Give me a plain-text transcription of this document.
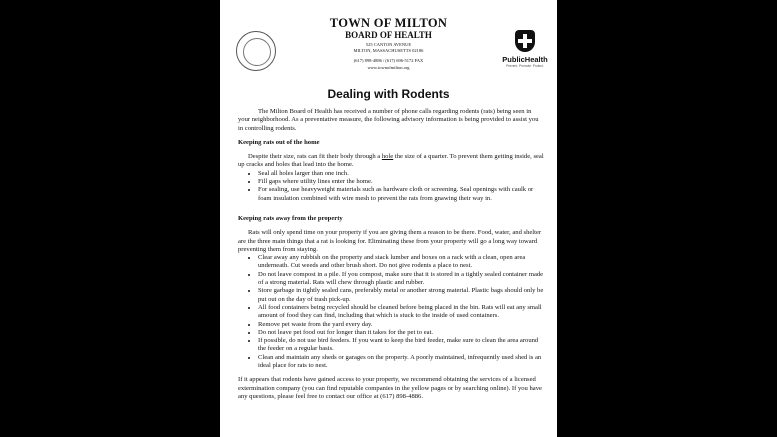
TOWN OF MILTON
BOARD OF HEALTH
525 CANTON AVENUE
MILTON, MASSACHUSETTS 02186
(617) 898-4886 / (617) 696-5172 FAX
www.townofmilton.org
PublicHealth
Prevent. Promote. Protect.
Dealing with Rodents

The Milton Board of Health has received a number of phone calls regarding rodents (rats) being seen in your neighborhood. As a preventative measure, the following advisory information is being provided to assist you in controlling rodents.

Keeping rats out of the home

Despite their size, rats can fit their body through a hole the size of a quarter. To prevent them getting inside, seal up cracks and holes that lead into the home.

• Seal all holes larger than one inch.
• Fill gaps where utility lines enter the home.
• For sealing, use heavyweight materials such as hardware cloth or screening. Seal openings with caulk or foam insulation combined with wire mesh to prevent the rats from gnawing their way in.

Keeping rats away from the property

Rats will only spend time on your property if you are giving them a reason to be there. Food, water, and shelter are the three main things that a rat is looking for. Eliminating these from your property will go a long way toward preventing them from staying.

• Clear away any rubbish on the property and stack lumber and boxes on a rack with a clean, open area underneath. Cut weeds and other brush short. Do not give rodents a place to nest.
• Do not leave compost in a pile. If you compost, make sure that it is stored in a tightly sealed container made of a strong material. Rats will chew through plastic and rubber.
• Store garbage in tightly sealed cans, preferably metal or another strong material. Plastic bags should only be put out on the day of trash pick-up.
• All food containers being recycled should be cleaned before being placed in the bin. Rats will eat any small amount of food they can find, including that which is stuck to the inside of used containers.
• Remove pet waste from the yard every day.
• Do not leave pet food out for longer than it takes for the pet to eat.
• If possible, do not use bird feeders. If you want to keep the bird feeder, make sure to clean the area around the feeder on a regular basis.
• Clean and maintain any sheds or garages on the property. A poorly maintained, infrequently used shed is an ideal place for rats to nest.

If it appears that rodents have gained access to your property, we recommend obtaining the services of a licensed extermination company (you can find reputable companies in the yellow pages or by searching online). If you have any questions, please feel free to contact our office at (617) 898-4886.
